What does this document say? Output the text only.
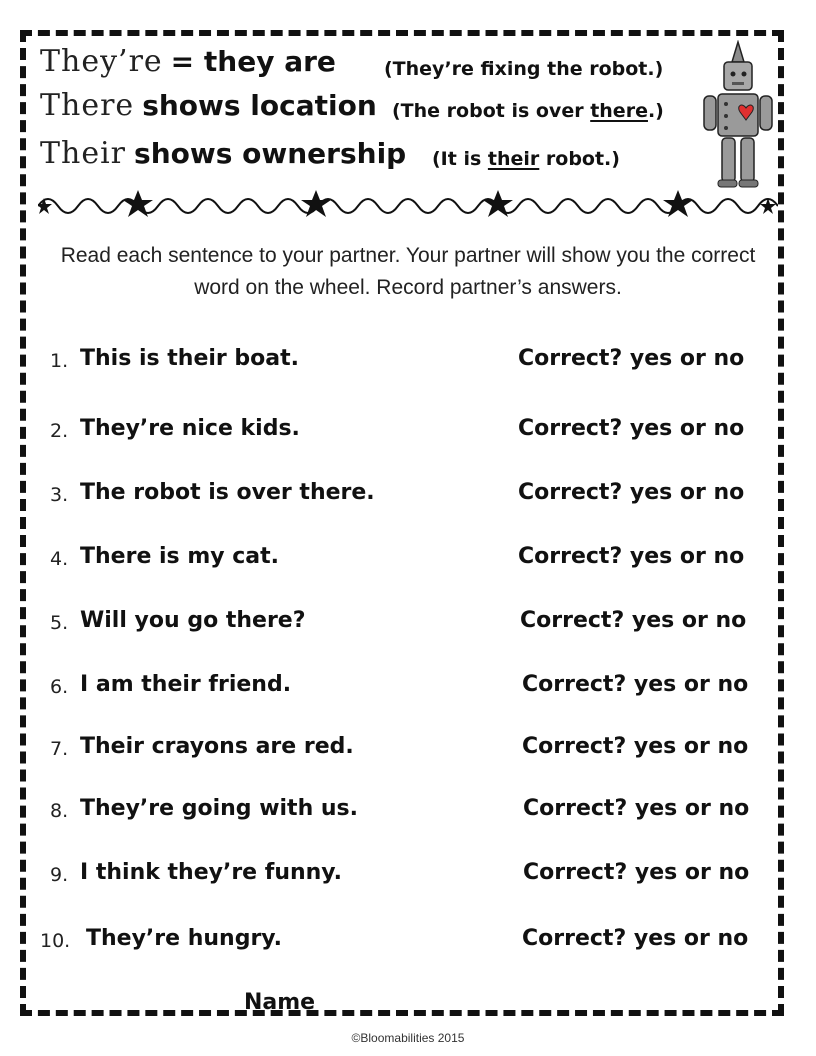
They’re = they are	(They’re fixing the robot.)
There shows location (The robot is over there.)
Their shows ownership (It is their robot.)
Read each sentence to your partner. Your partner will show you the correct word on the wheel. Record partner’s answers.
1. This is their boat.	Correct? yes or no
2. They’re nice kids.	Correct? yes or no
3. The robot is over there.	Correct? yes or no
4. There is my cat.	Correct? yes or no
5. Will you go there?	Correct? yes or no
6. I am their friend.	Correct? yes or no
7. Their crayons are red.	Correct? yes or no
8. They’re going with us.	Correct? yes or no
9. I think they’re funny.	Correct? yes or no
10. They’re hungry.	Correct? yes or no
Name
©Bloomabilities 2015
